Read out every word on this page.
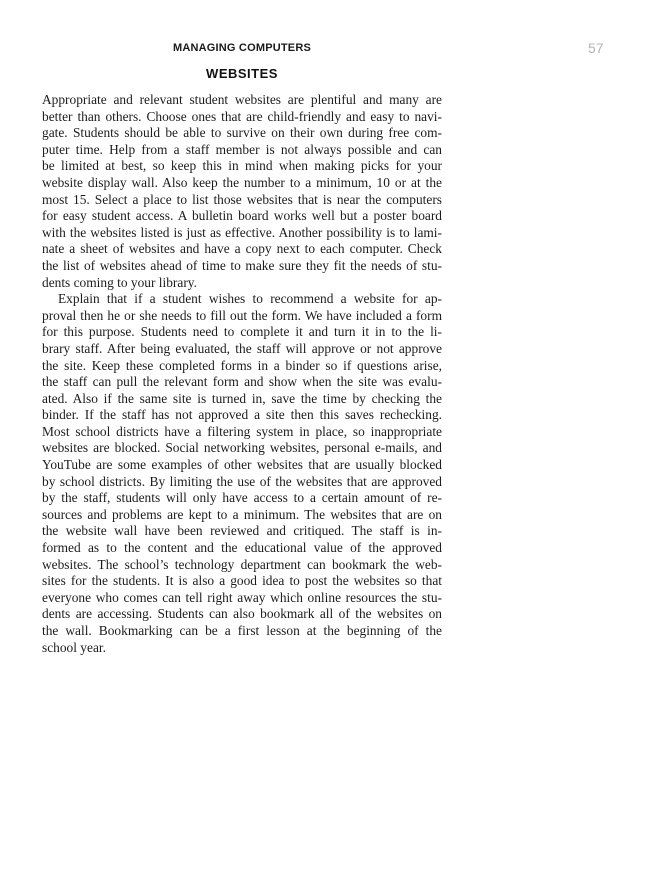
MANAGING COMPUTERS	57
WEBSITES
Appropriate and relevant student websites are plentiful and many are
better than others. Choose ones that are child-friendly and easy to navi-
gate. Students should be able to survive on their own during free com-
puter time. Help from a staff member is not always possible and can
be limited at best, so keep this in mind when making picks for your
website display wall. Also keep the number to a minimum, 10 or at the
most 15. Select a place to list those websites that is near the computers
for easy student access. A bulletin board works well but a poster board
with the websites listed is just as effective. Another possibility is to lami-
nate a sheet of websites and have a copy next to each computer. Check
the list of websites ahead of time to make sure they fit the needs of stu-
dents coming to your library.
Explain that if a student wishes to recommend a website for ap-
proval then he or she needs to fill out the form. We have included a form
for this purpose. Students need to complete it and turn it in to the li-
brary staff. After being evaluated, the staff will approve or not approve
the site. Keep these completed forms in a binder so if questions arise,
the staff can pull the relevant form and show when the site was evalu-
ated. Also if the same site is turned in, save the time by checking the
binder. If the staff has not approved a site then this saves rechecking.
Most school districts have a filtering system in place, so inappropriate
websites are blocked. Social networking websites, personal e-mails, and
YouTube are some examples of other websites that are usually blocked
by school districts. By limiting the use of the websites that are approved
by the staff, students will only have access to a certain amount of re-
sources and problems are kept to a minimum. The websites that are on
the website wall have been reviewed and critiqued. The staff is in-
formed as to the content and the educational value of the approved
websites. The school’s technology department can bookmark the web-
sites for the students. It is also a good idea to post the websites so that
everyone who comes can tell right away which online resources the stu-
dents are accessing. Students can also bookmark all of the websites on
the wall. Bookmarking can be a first lesson at the beginning of the
school year.
